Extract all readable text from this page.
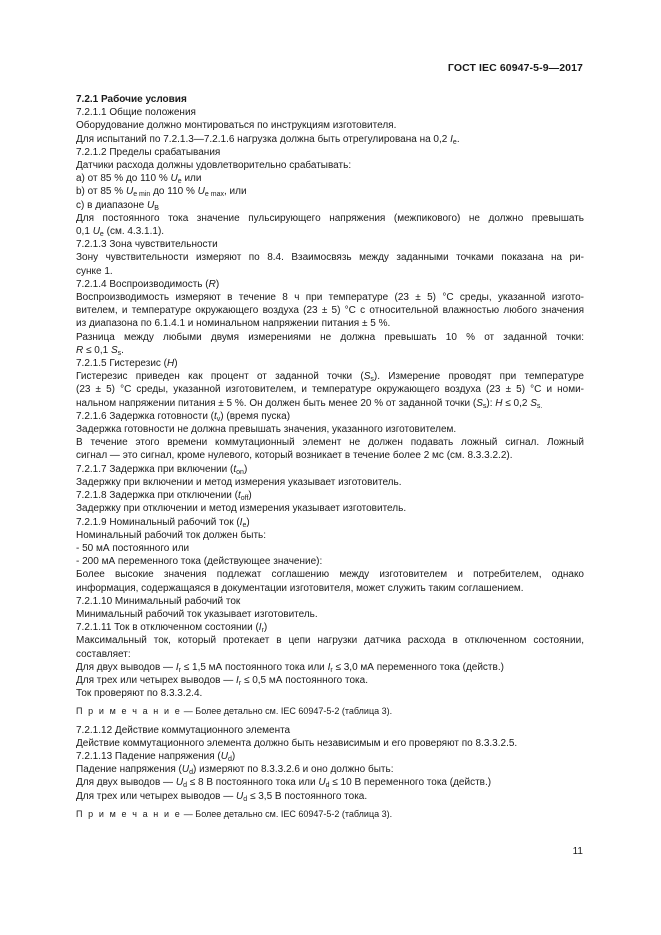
ГОСТ IEC 60947-5-9—2017

7.2.1 Рабочие условия

7.2.1.1 Общие положения

Оборудование должно монтироваться по инструкциям изготовителя.

Для испытаний по 7.2.1.3—7.2.1.6 нагрузка должна быть отрегулирована на 0,2 $I_e$.

7.2.1.2 Пределы срабатывания

Датчики расхода должны удовлетворительно срабатывать:

a) от 85 % до 110 % $U_e$ или

b) от 85 % $U_{e min}$ до 110 % $U_{e max}$, или

c) в диапазоне $U_B$

Для постоянного тока значение пульсирующего напряжения (межпикового) не должно превышать

0,1 $U_e$ (см. 4.3.1.1).

7.2.1.3 Зона чувствительности

Зону чувствительности измеряют по 8.4. Взаимосвязь между заданными точками показана на ри-

сунке 1.

7.2.1.4 Воспроизводимость (R)

Воспроизводимость измеряют в течение 8 ч при температуре (23 ± 5) °С среды, указанной изгото-

вителем, и температуре окружающего воздуха (23 ± 5) °С с относительной влажностью любого значения

из диапазона по 6.1.4.1 и номинальном напряжении питания ± 5 %.

Разница между любыми двумя измерениями не должна превышать 10 % от заданной точки:

R ≤ 0,1 $S_s$.

7.2.1.5 Гистерезис (H)

Гистерезис приведен как процент от заданной точки $(S_s)$. Измерение проводят при температуре

(23 ± 5) °С среды, указанной изготовителем, и температуре окружающего воздуха (23 ± 5) °С и номи-

нальном напряжении питания ± 5 %. Он должен быть менее 20 % от заданной точки $(S_s)$: H ≤ 0,2 $S_{s.}$

7.2.1.6 Задержка готовности $(t_v)$ (время пуска)

Задержка готовности не должна превышать значения, указанного изготовителем.

В течение этого времени коммутационный элемент не должен подавать ложный сигнал. Ложный

сигнал — это сигнал, кроме нулевого, который возникает в течение более 2 мс (см. 8.3.3.2.2).

7.2.1.7 Задержка при включении $(t_{on})$

Задержку при включении и метод измерения указывает изготовитель.

7.2.1.8 Задержка при отключении $(t_{off})$

Задержку при отключении и метод измерения указывает изготовитель.

7.2.1.9 Номинальный рабочий ток $(I_e)$

Номинальный рабочий ток должен быть:

- 50 мА постоянного или

- 200 мА переменного тока (действующее значение):

Более высокие значения подлежат соглашению между изготовителем и потребителем, однако

информация, содержащаяся в документации изготовителя, может служить таким соглашением.

7.2.1.10 Минимальный рабочий ток

Минимальный рабочий ток указывает изготовитель.

7.2.1.11 Ток в отключенном состоянии $(I_r)$

Максимальный ток, который протекает в цепи нагрузки датчика расхода в отключенном состоянии,

составляет:

Для двух выводов — $I_r \le 1,5$ мА постоянного тока или $I_r \le 3,0$ мА переменного тока (действ.)

Для трех или четырех выводов — $I_r \le 0,5$ мА постоянного тока.

Ток проверяют по 8.3.3.2.4.

П р и м е ч а н и е — Более детально см. IEC 60947-5-2 (таблица 3).

7.2.1.12 Действие коммутационного элемента

Действие коммутационного элемента должно быть независимым и его проверяют по 8.3.3.2.5.

7.2.1.13 Падение напряжения $(U_d)$

Падение напряжения $(U_d)$ измеряют по 8.3.3.2.6 и оно должно быть:

Для двух выводов — $U_d \le 8$ В постоянного тока или $U_d \le 10$ В переменного тока (действ.)

Для трех или четырех выводов — $U_d \le 3,5$ В постоянного тока.

П р и м е ч а н и е — Более детально см. IEC 60947-5-2 (таблица 3).

11
